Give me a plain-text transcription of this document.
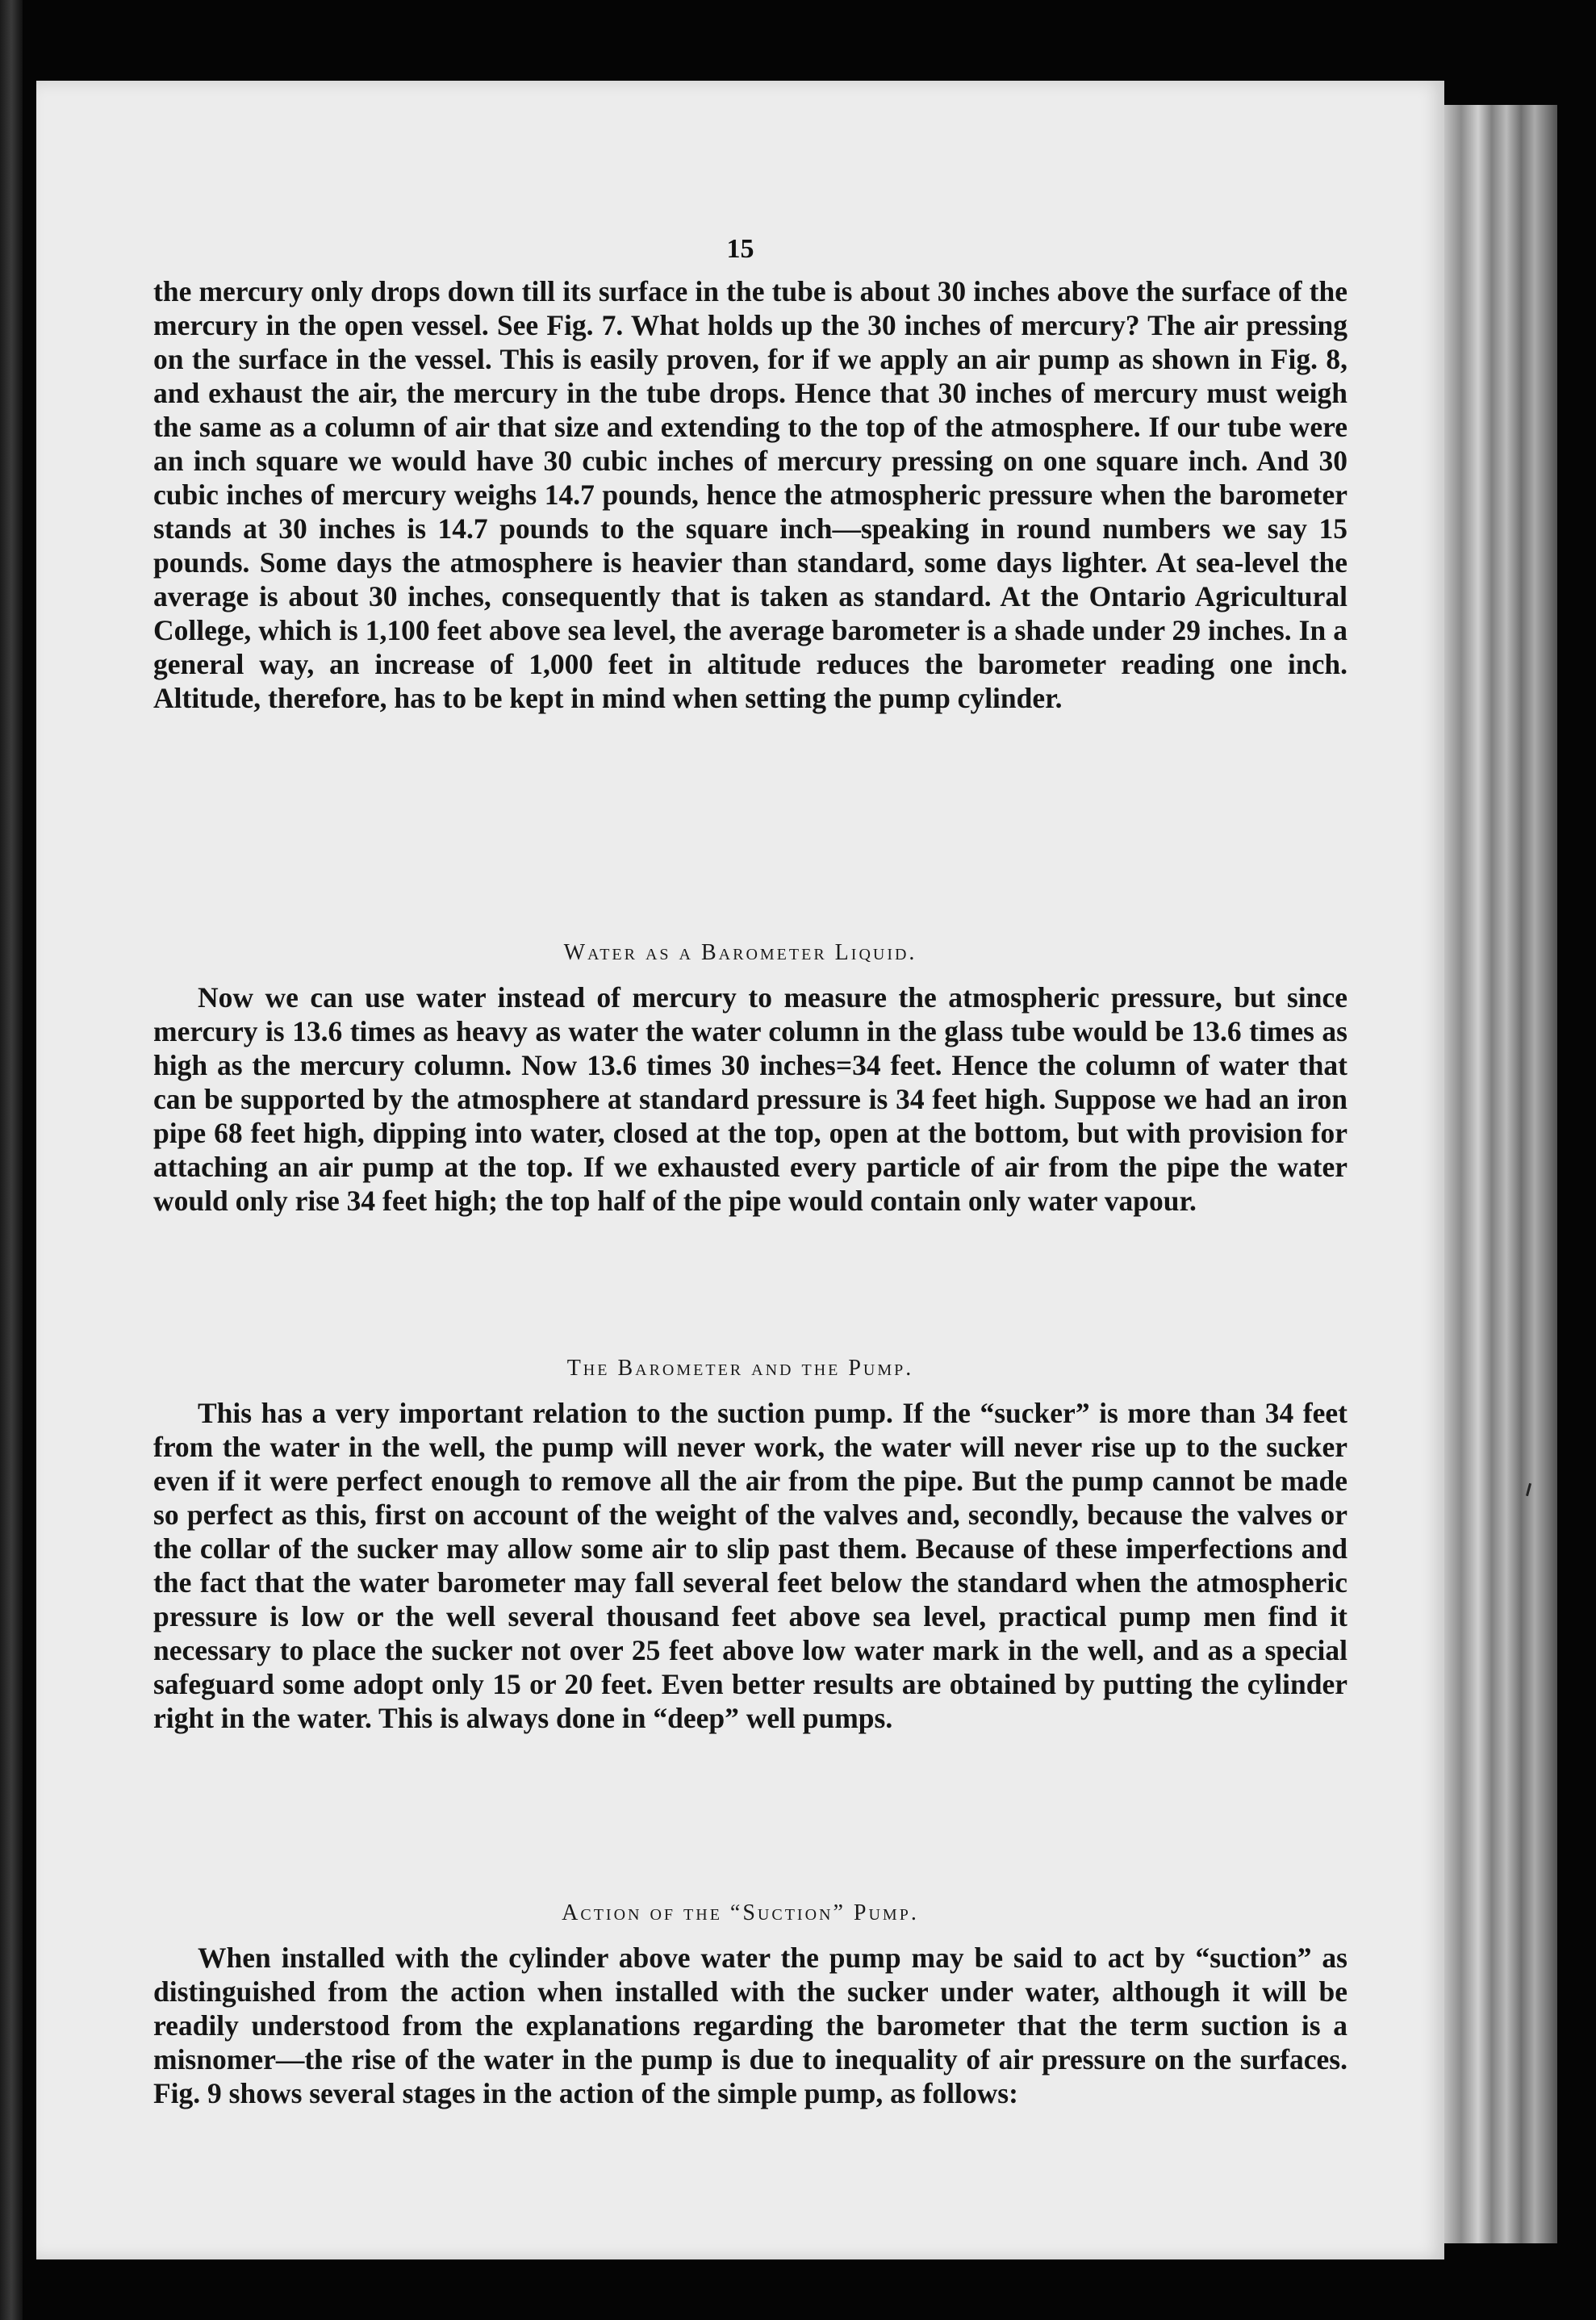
15

the mercury only drops down till its surface in the tube is about 30 inches above the surface of the mercury in the open vessel. See Fig. 7. What holds up the 30 inches of mercury? The air pressing on the surface in the vessel. This is easily proven, for if we apply an air pump as shown in Fig. 8, and exhaust the air, the mercury in the tube drops. Hence that 30 inches of mercury must weigh the same as a column of air that size and extending to the top of the atmosphere. If our tube were an inch square we would have 30 cubic inches of mercury pressing on one square inch. And 30 cubic inches of mercury weighs 14.7 pounds, hence the atmospheric pressure when the barometer stands at 30 inches is 14.7 pounds to the square inch—speaking in round numbers we say 15 pounds. Some days the atmosphere is heavier than standard, some days lighter. At sea-level the average is about 30 inches, consequently that is taken as standard. At the Ontario Agricultural College, which is 1,100 feet above sea level, the average barometer is a shade under 29 inches. In a general way, an increase of 1,000 feet in altitude reduces the barometer reading one inch. Altitude, therefore, has to be kept in mind when setting the pump cylinder.

Water as a Barometer Liquid.

Now we can use water instead of mercury to measure the atmospheric pressure, but since mercury is 13.6 times as heavy as water the water column in the glass tube would be 13.6 times as high as the mercury column. Now 13.6 times 30 inches=34 feet. Hence the column of water that can be supported by the atmosphere at standard pressure is 34 feet high. Suppose we had an iron pipe 68 feet high, dipping into water, closed at the top, open at the bottom, but with provision for attaching an air pump at the top. If we exhausted every particle of air from the pipe the water would only rise 34 feet high; the top half of the pipe would contain only water vapour.

The Barometer and the Pump.

This has a very important relation to the suction pump. If the “sucker” is more than 34 feet from the water in the well, the pump will never work, the water will never rise up to the sucker even if it were perfect enough to remove all the air from the pipe. But the pump cannot be made so perfect as this, first on account of the weight of the valves and, secondly, because the valves or the collar of the sucker may allow some air to slip past them. Because of these imperfections and the fact that the water barometer may fall several feet below the standard when the atmospheric pressure is low or the well several thousand feet above sea level, practical pump men find it necessary to place the sucker not over 25 feet above low water mark in the well, and as a special safeguard some adopt only 15 or 20 feet. Even better results are obtained by putting the cylinder right in the water. This is always done in “deep” well pumps.

Action of the “Suction” Pump.

When installed with the cylinder above water the pump may be said to act by “suction” as distinguished from the action when installed with the sucker under water, although it will be readily understood from the explanations regarding the barometer that the term suction is a misnomer—the rise of the water in the pump is due to inequality of air pressure on the surfaces. Fig. 9 shows several stages in the action of the simple pump, as follows:
